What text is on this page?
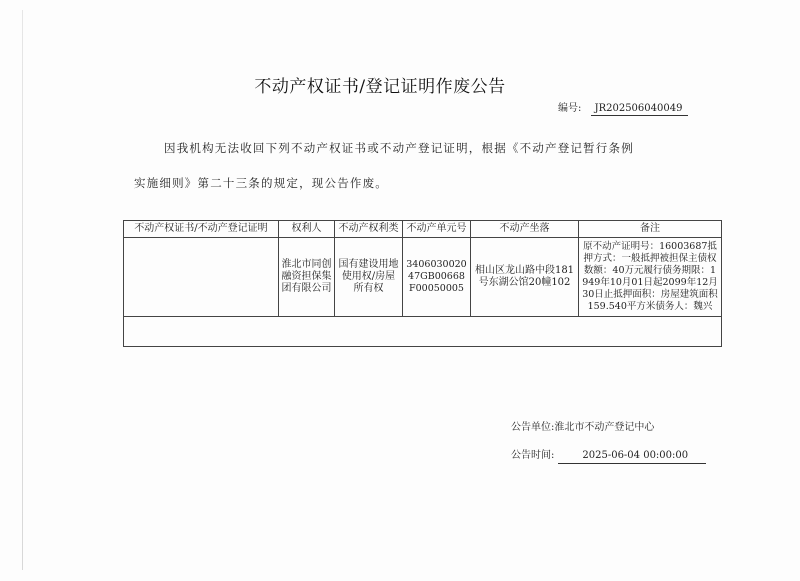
不动产权证书/登记证明作废公告
编号: JR202506040049
因我机构无法收回下列不动产权证书或不动产登记证明，根据《不动产登记暂行条例
实施细则》第二十三条的规定，现公告作废。
不动产权证书/不动产登记证明	权利人	不动产权利类	不动产单元号	不动产坐落	备注
	淮北市同创融资担保集团有限公司	国有建设用地使用权/房屋所有权	340603002047GB00668F00050005	相山区龙山路中段181号东湖公馆20幢102	原不动产证明号：16003687抵押方式：一般抵押被担保主债权数额：40万元履行债务期限：1949年10月01日起2099年12月30日止抵押面积：房屋建筑面积159.540平方米债务人：魏兴

公告单位:淮北市不动产登记中心
公告时间:	2025-06-04 00:00:00
